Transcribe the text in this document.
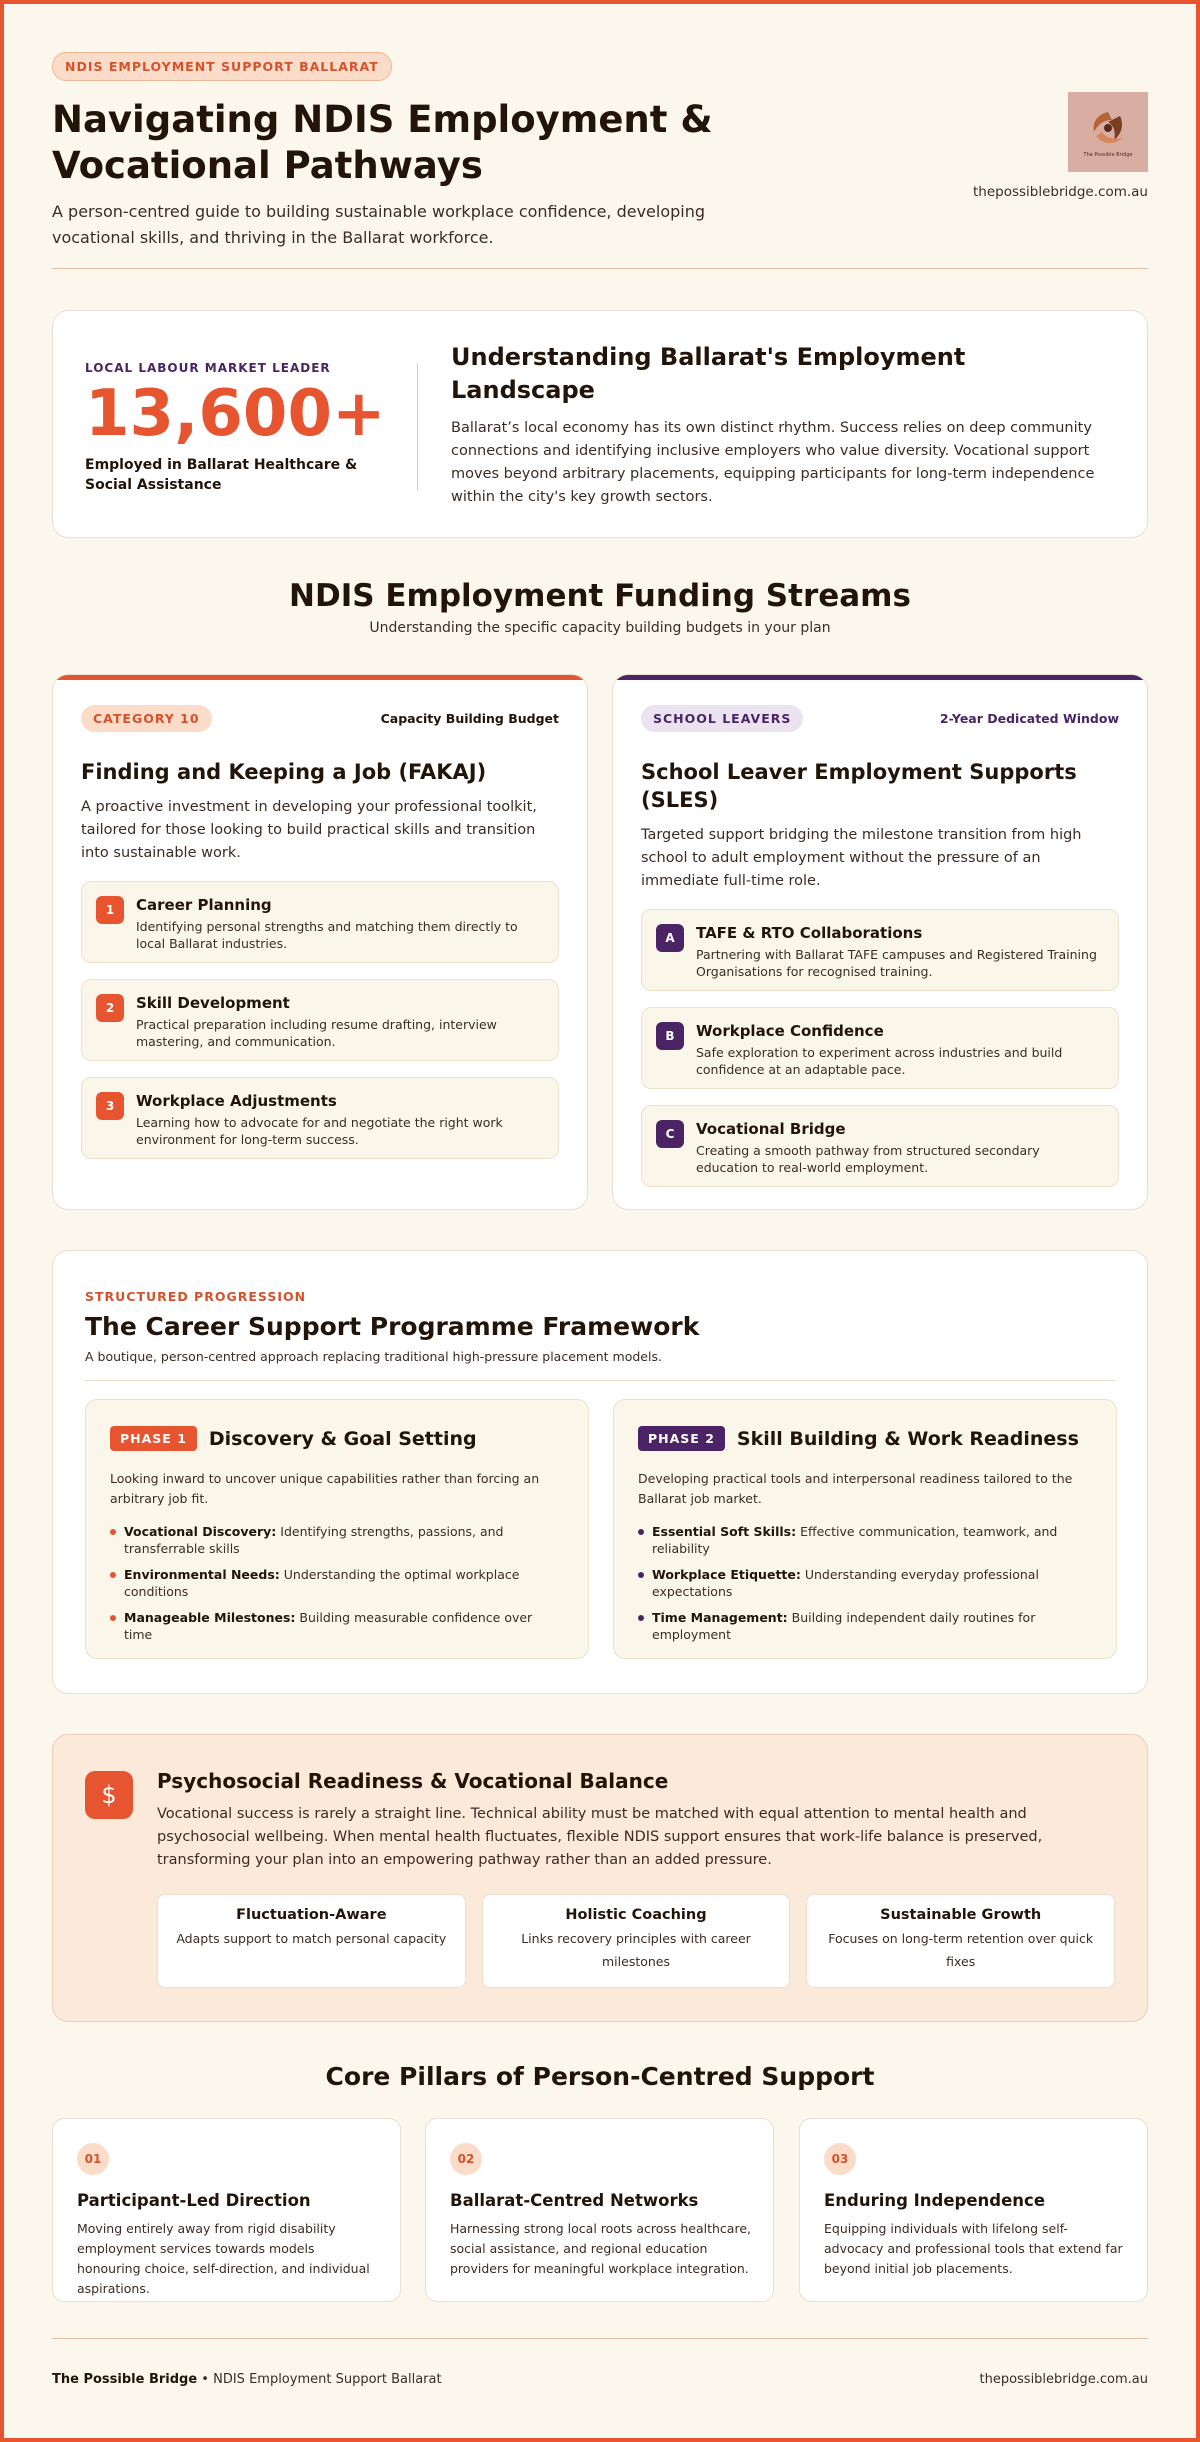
NDIS EMPLOYMENT SUPPORT BALLARAT
Navigating NDIS Employment & Vocational Pathways

A person-centred guide to building sustainable workplace confidence, developing vocational skills, and thriving in the Ballarat workforce.

The Possible Bridge
thepossiblebridge.com.au
LOCAL LABOUR MARKET LEADER
13,600+
Employed in Ballarat Healthcare & Social Assistance
Understanding Ballarat's Employment Landscape

Ballarat’s local economy has its own distinct rhythm. Success relies on deep community connections and identifying inclusive employers who value diversity. Vocational support moves beyond arbitrary placements, equipping participants for long-term independence within the city's key growth sectors.

NDIS Employment Funding Streams

Understanding the specific capacity building budgets in your plan

CATEGORY 10	Capacity Building Budget
Finding and Keeping a Job (FAKAJ)

A proactive investment in developing your professional toolkit, tailored for those looking to build practical skills and transition into sustainable work.

1	Career Planning
Identifying personal strengths and matching them directly to local Ballarat industries.
2	Skill Development
Practical preparation including resume drafting, interview mastering, and communication.
3	Workplace Adjustments
Learning how to advocate for and negotiate the right work environment for long-term success.
SCHOOL LEAVERS	2-Year Dedicated Window
School Leaver Employment Supports (SLES)

Targeted support bridging the milestone transition from high school to adult employment without the pressure of an immediate full-time role.

A	TAFE & RTO Collaborations
Partnering with Ballarat TAFE campuses and Registered Training Organisations for recognised training.
B	Workplace Confidence
Safe exploration to experiment across industries and build confidence at an adaptable pace.
C	Vocational Bridge
Creating a smooth pathway from structured secondary education to real-world employment.
STRUCTURED PROGRESSION
The Career Support Programme Framework

A boutique, person-centred approach replacing traditional high-pressure placement models.

PHASE 1	Discovery & Goal Setting

Looking inward to uncover unique capabilities rather than forcing an arbitrary job fit.

Vocational Discovery: Identifying strengths, passions, and transferrable skills
Environmental Needs: Understanding the optimal workplace conditions
Manageable Milestones: Building measurable confidence over time
PHASE 2	Skill Building & Work Readiness

Developing practical tools and interpersonal readiness tailored to the Ballarat job market.

Essential Soft Skills: Effective communication, teamwork, and reliability
Workplace Etiquette: Understanding everyday professional expectations
Time Management: Building independent daily routines for employment
$	Psychosocial Readiness & Vocational Balance

Vocational success is rarely a straight line. Technical ability must be matched with equal attention to mental health and psychosocial wellbeing. When mental health fluctuates, flexible NDIS support ensures that work-life balance is preserved, transforming your plan into an empowering pathway rather than an added pressure.

Fluctuation-Aware
Adapts support to match personal capacity
Holistic Coaching
Links recovery principles with career milestones
Sustainable Growth
Focuses on long-term retention over quick fixes
Core Pillars of Person-Centred Support
01
Participant-Led Direction
Moving entirely away from rigid disability employment services towards models honouring choice, self-direction, and individual aspirations.
02
Ballarat-Centred Networks
Harnessing strong local roots across healthcare, social assistance, and regional education providers for meaningful workplace integration.
03
Enduring Independence
Equipping individuals with lifelong self-advocacy and professional tools that extend far beyond initial job placements.
The Possible Bridge • NDIS Employment Support Ballarat	thepossiblebridge.com.au
